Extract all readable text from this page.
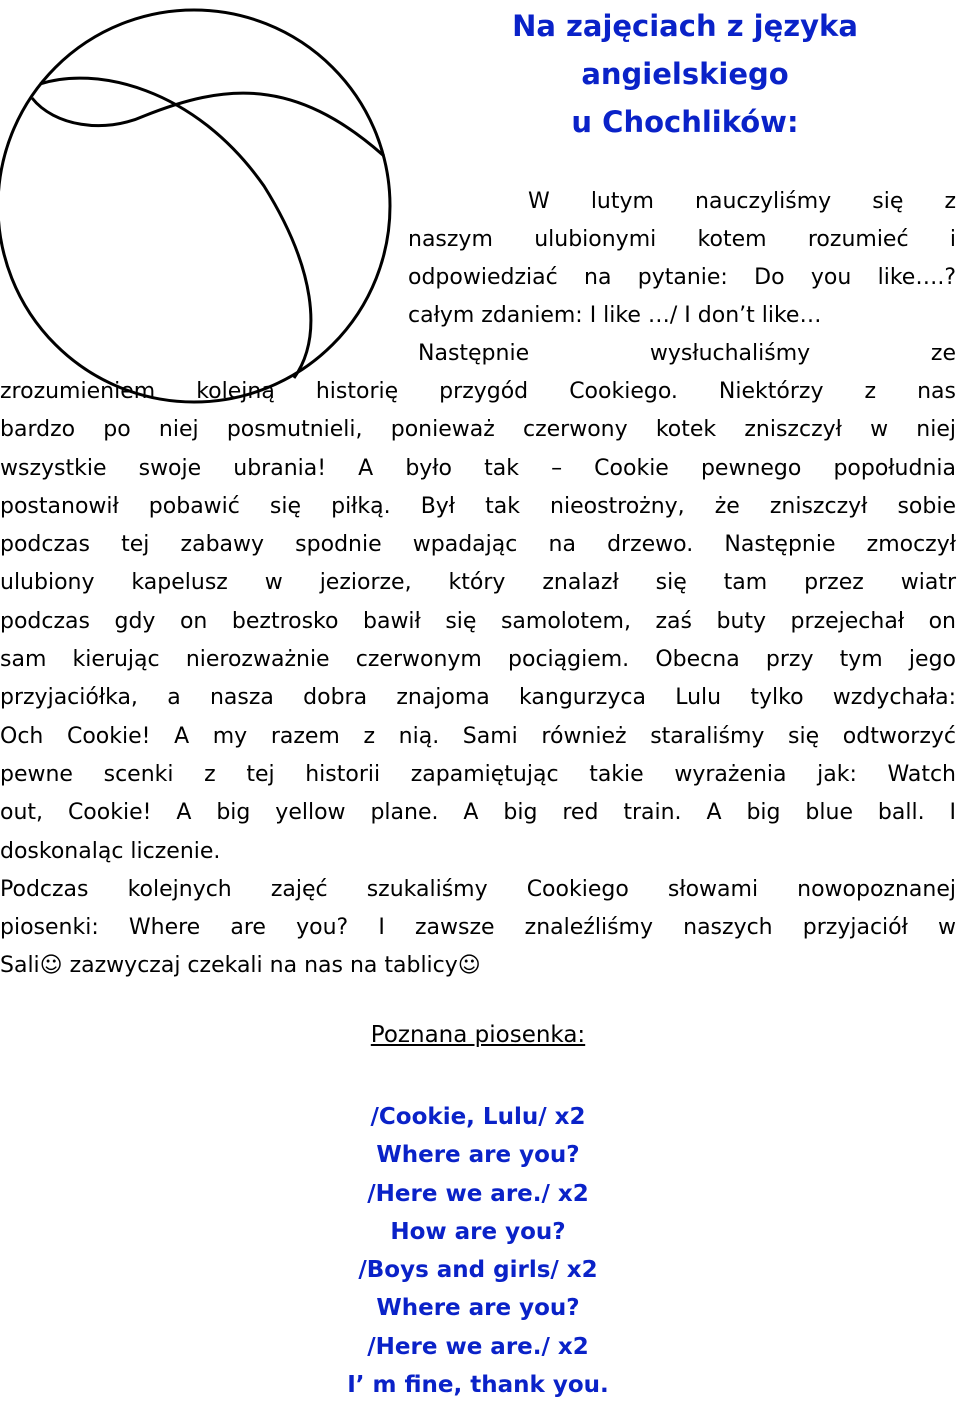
Na zajęciach z języka
angielskiego
u Chochlików:
W lutym nauczyliśmy się z
naszym ulubionymi kotem rozumieć i
odpowiedziać na pytanie: Do you like….?
całym zdaniem: I like …/ I don’t like…
Następnie wysłuchaliśmy ze
zrozumieniem kolejną historię przygód Cookiego. Niektórzy z nas
bardzo po niej posmutnieli, ponieważ czerwony kotek zniszczył w niej
wszystkie swoje ubrania! A było tak – Cookie pewnego popołudnia
postanowił pobawić się piłką. Był tak nieostrożny, że zniszczył sobie
podczas tej zabawy spodnie wpadając na drzewo. Następnie zmoczył
ulubiony kapelusz w jeziorze, który znalazł się tam przez wiatr
podczas gdy on beztrosko bawił się samolotem, zaś buty przejechał on
sam kierując nierozważnie czerwonym pociągiem. Obecna przy tym jego
przyjaciółka, a nasza dobra znajoma kangurzyca Lulu tylko wzdychała:
Och Cookie! A my razem z nią. Sami również staraliśmy się odtworzyć
pewne scenki z tej historii zapamiętując takie wyrażenia jak: Watch
out, Cookie! A big yellow plane. A big red train. A big blue ball. I
doskonaląc liczenie.
Podczas kolejnych zajęć szukaliśmy Cookiego słowami nowopoznanej
piosenki: Where are you? I zawsze znaleźliśmy naszych przyjaciół w
Sali☺ zazwyczaj czekali na nas na tablicy☺
Poznana piosenka:
/Cookie, Lulu/ x2
Where are you?
/Here we are./ x2
How are you?
/Boys and girls/ x2
Where are you?
/Here we are./ x2
I’ m fine, thank you.
